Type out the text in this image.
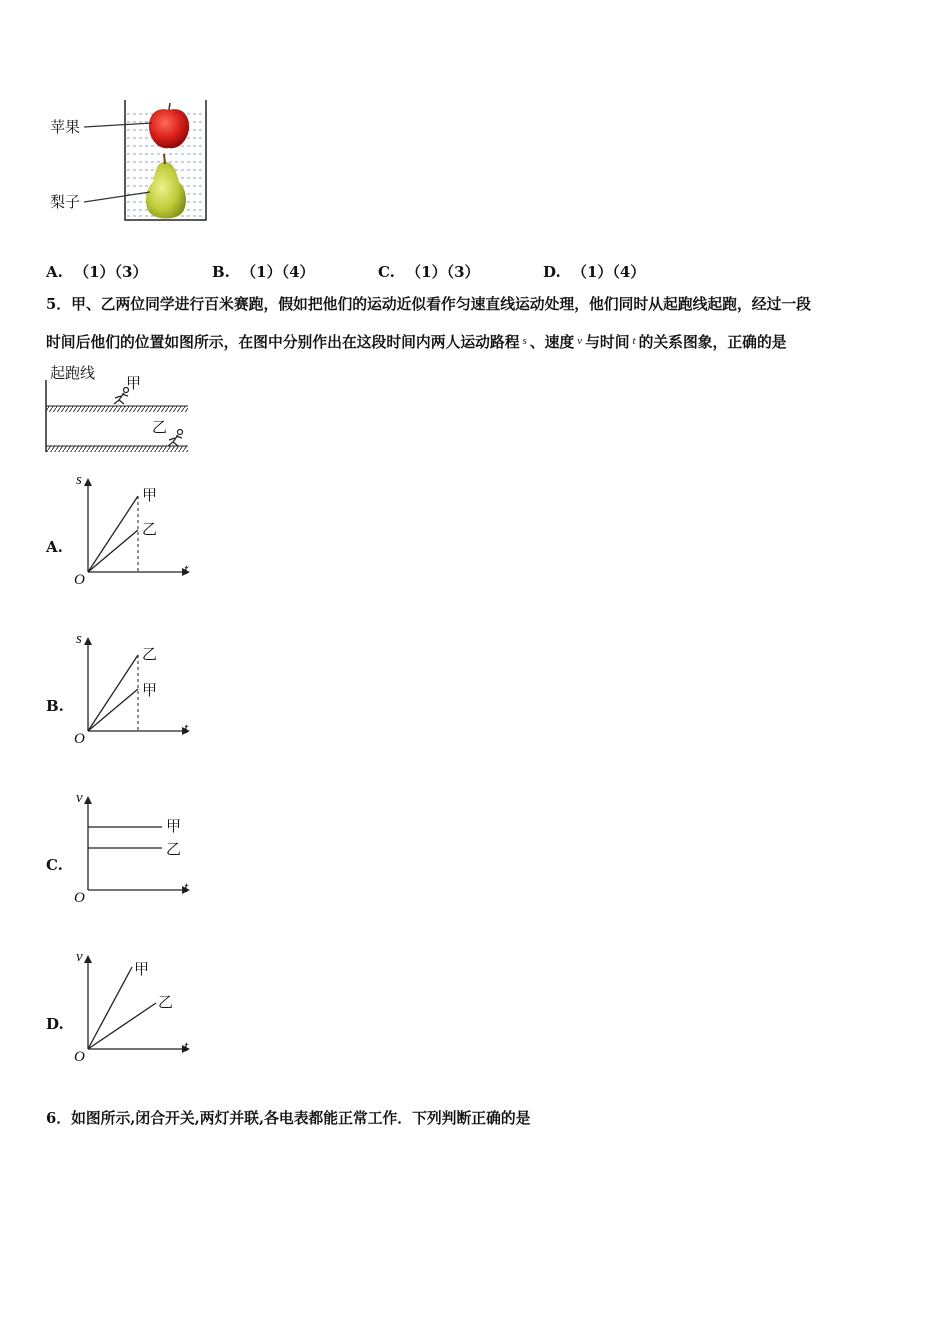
苹果
梨子
A. （1）（3）	B. （1）（4）	C. （1）（3）	D. （1）（4）
5．甲、乙两位同学进行百米赛跑，假如把他们的运动近似看作匀速直线运动处理，他们同时从起跑线起跑，经过一段
时间后他们的位置如图所示，在图中分别作出在这段时间内两人运动路程 $^s$ 、速度 $^v$ 与时间 $^t$ 的关系图象，正确的是
起跑线
甲
乙
A.
s
t
O
甲
乙
B.
s
t
O
乙
甲
C.
v
t
O
甲
乙
D.
v
t
O
甲
乙
6．如图所示,闭合开关,两灯并联,各电表都能正常工作．下列判断正确的是
